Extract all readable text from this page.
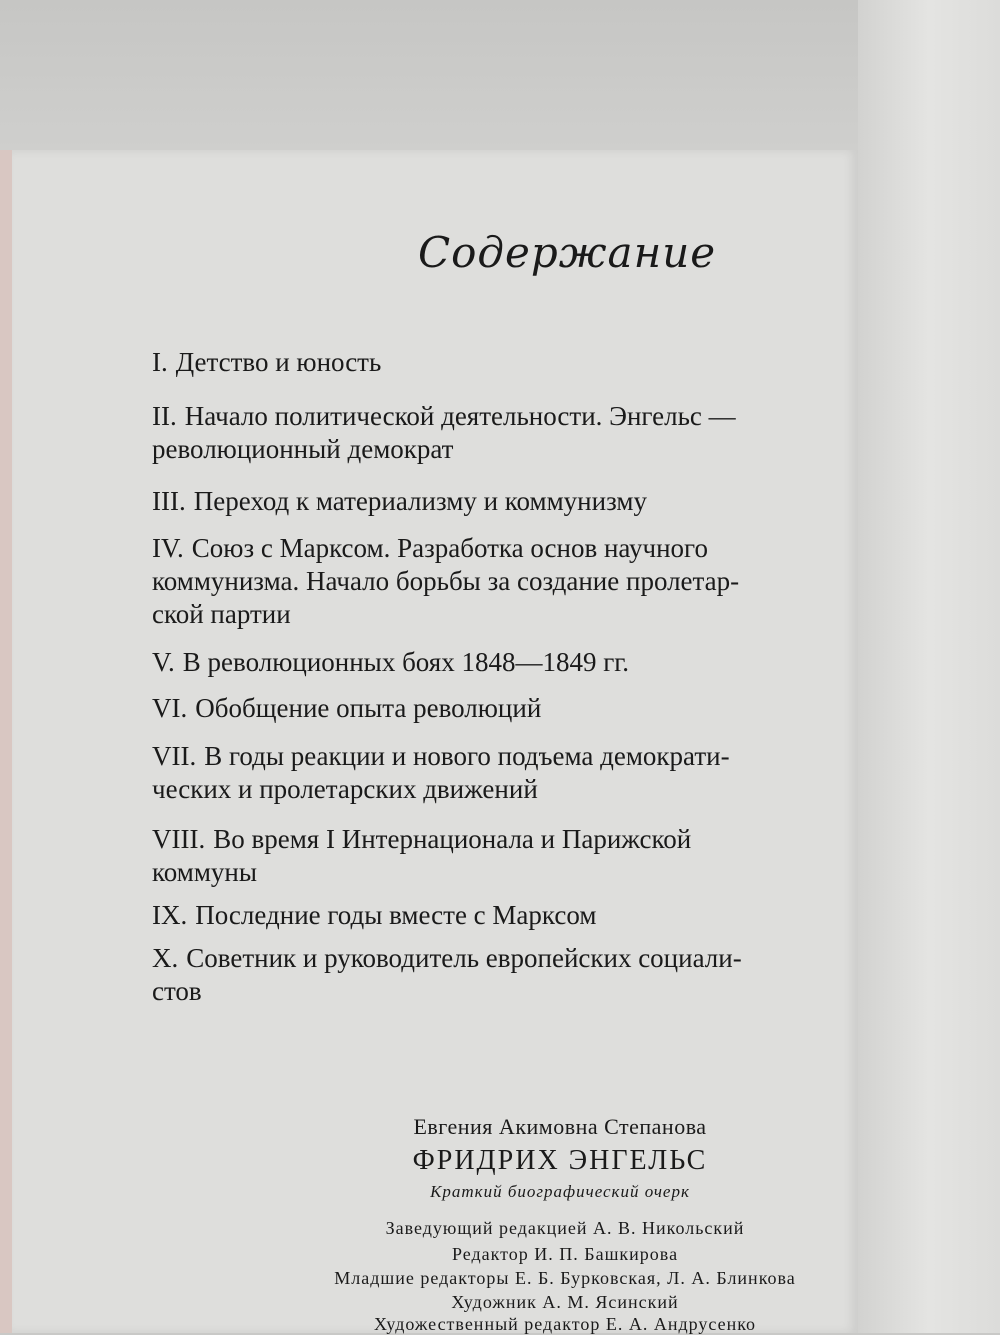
Содержание
I. Детство и юность
II. Начало политической деятельности. Энгельс —
революционный демократ
III. Переход к материализму и коммунизму
IV. Союз с Марксом. Разработка основ научного
коммунизма. Начало борьбы за создание пролетар-
ской партии
V. В революционных боях 1848—1849 гг.
VI. Обобщение опыта революций
VII. В годы реакции и нового подъема демократи-
ческих и пролетарских движений
VIII. Во время I Интернационала и Парижской
коммуны
IX. Последние годы вместе с Марксом
X. Советник и руководитель европейских социали-
стов
Евгения Акимовна Степанова
ФРИДРИХ ЭНГЕЛЬС
Краткий биографический очерк
Заведующий редакцией А. В. Никольский
Редактор И. П. Башкирова
Младшие редакторы Е. Б. Бурковская, Л. А. Блинкова
Художник А. М. Ясинский
Художественный редактор Е. А. Андрусенко
